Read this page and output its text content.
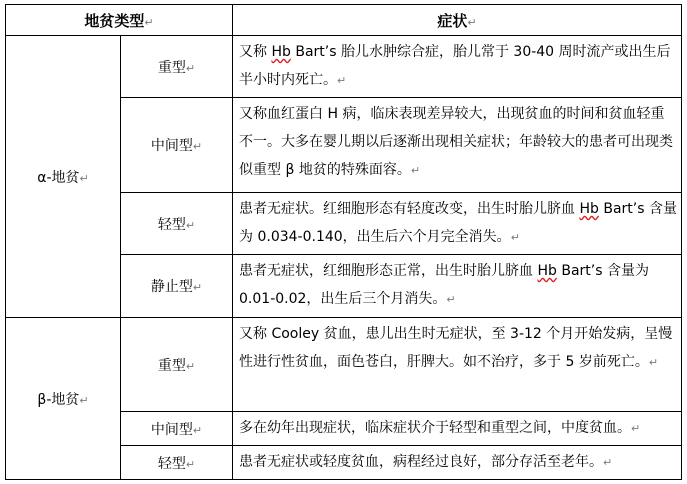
地贫类型↵		症状↵
α-地贫↵	重型↵	又称 Hb Bart’s 胎儿水肿综合症，胎儿常于 30-40 周时流产或出生后半小时内死亡。↵
	中间型↵	又称血红蛋白 H 病，临床表现差异较大，出现贫血的时间和贫血轻重不一。大多在婴儿期以后逐渐出现相关症状；年龄较大的患者可出现类似重型 β 地贫的特殊面容。↵
	轻型↵	患者无症状。红细胞形态有轻度改变，出生时胎儿脐血 Hb Bart’s 含量为 0.034-0.140，出生后六个月完全消失。↵
	静止型↵	患者无症状，红细胞形态正常，出生时胎儿脐血 Hb Bart’s 含量为 0.01-0.02，出生后三个月消失。↵
β-地贫↵	重型↵	又称 Cooley 贫血，患儿出生时无症状，至 3-12 个月开始发病，呈慢性进行性贫血，面色苍白，肝脾大。如不治疗，多于 5 岁前死亡。↵
	中间型↵	多在幼年出现症状，临床症状介于轻型和重型之间，中度贫血。↵
	轻型↵	患者无症状或轻度贫血，病程经过良好，部分存活至老年。↵
